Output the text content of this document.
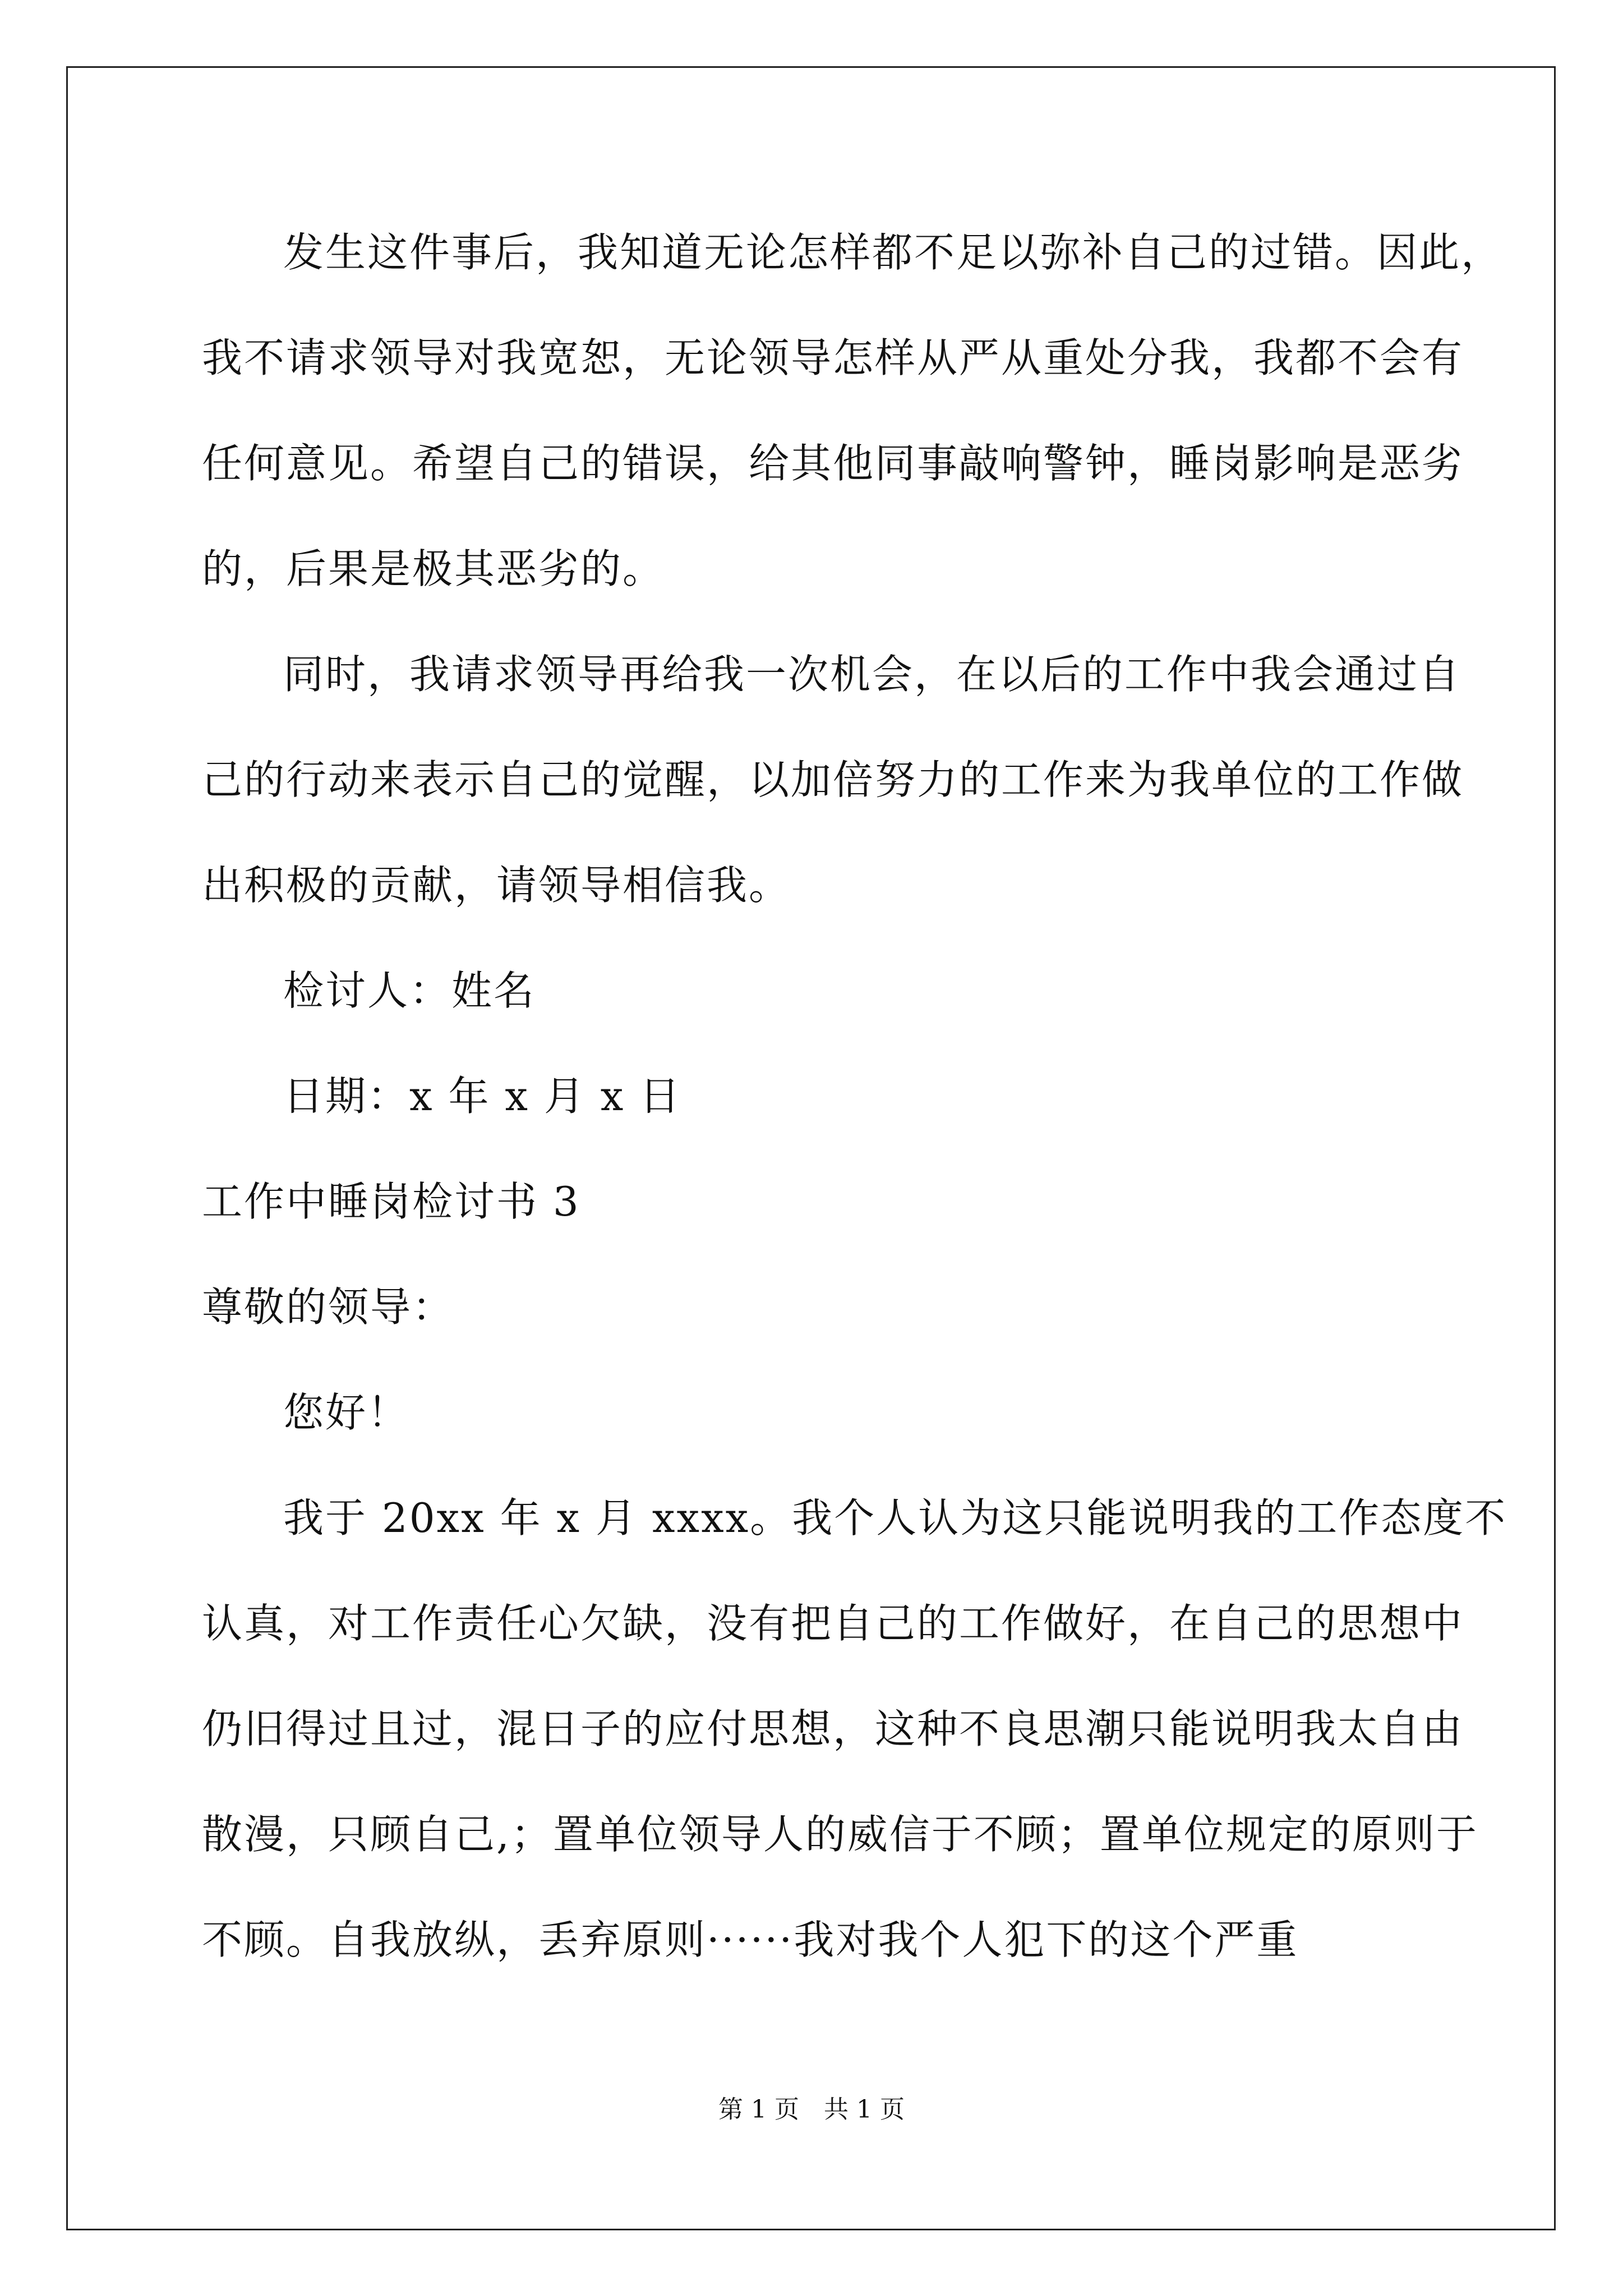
发生这件事后，我知道无论怎样都不足以弥补自己的过错。因此，
我不请求领导对我宽恕，无论领导怎样从严从重处分我，我都不会有
任何意见。希望自己的错误，给其他同事敲响警钟，睡岗影响是恶劣
的，后果是极其恶劣的。
同时，我请求领导再给我一次机会，在以后的工作中我会通过自
己的行动来表示自己的觉醒，以加倍努力的工作来为我单位的工作做
出积极的贡献，请领导相信我。
检讨人：姓名
日期：x 年 x 月 x 日
工作中睡岗检讨书 3
尊敬的领导：
您好！
我于 20xx 年 x 月 xxxx。我个人认为这只能说明我的工作态度不
认真，对工作责任心欠缺，没有把自己的工作做好，在自己的思想中
仍旧得过且过，混日子的应付思想，这种不良思潮只能说明我太自由
散漫，只顾自己,；置单位领导人的威信于不顾；置单位规定的原则于
不顾。自我放纵，丢弃原则······我对我个人犯下的这个严重
第 1 页　共 1 页
